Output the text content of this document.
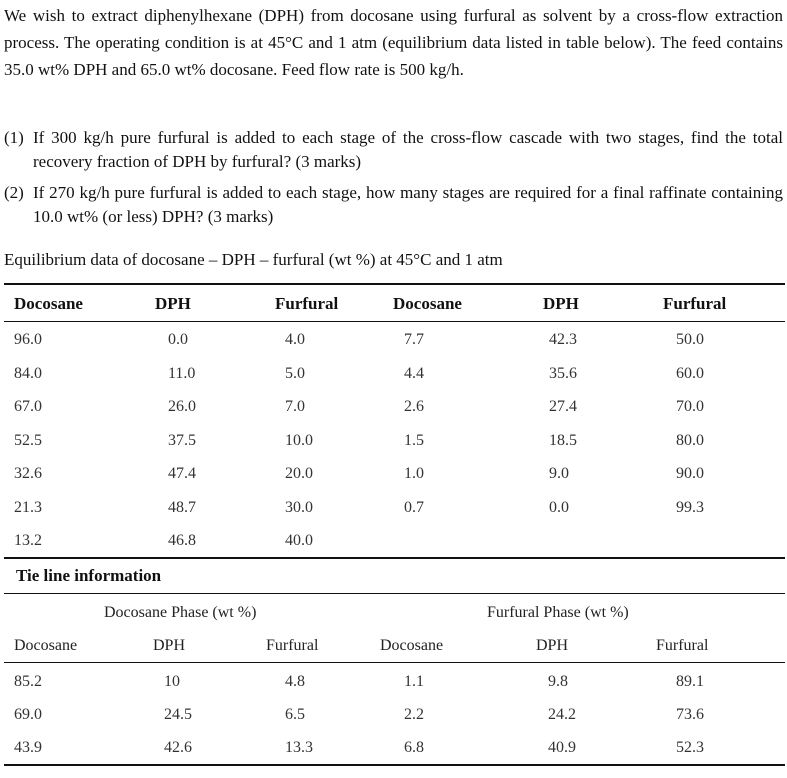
We wish to extract diphenylhexane (DPH) from docosane using furfural as solvent by a cross-flow extraction process. The operating condition is at 45°C and 1 atm (equilibrium data listed in table below). The feed contains 35.0 wt% DPH and 65.0 wt% docosane. Feed flow rate is 500 kg/h.

(1) If 300 kg/h pure furfural is added to each stage of the cross-flow cascade with two stages, find the total recovery fraction of DPH by furfural? (3 marks)
(2) If 270 kg/h pure furfural is added to each stage, how many stages are required for a final raffinate containing 10.0 wt% (or less) DPH? (3 marks)
Equilibrium data of docosane – DPH – furfural (wt %) at 45°C and 1 atm
Docosane	DPH	Furfural	Docosane	DPH	Furfural
96.0	0.0	4.0	7.7	42.3	50.0
84.0	11.0	5.0	4.4	35.6	60.0
67.0	26.0	7.0	2.6	27.4	70.0
52.5	37.5	10.0	1.5	18.5	80.0
32.6	47.4	20.0	1.0	9.0	90.0
21.3	48.7	30.0	0.7	0.0	99.3
13.2	46.8	40.0
Tie line information
Docosane Phase (wt %)	Furfural Phase (wt %)
Docosane	DPH	Furfural	Docosane	DPH	Furfural
85.2	10	4.8	1.1	9.8	89.1
69.0	24.5	6.5	2.2	24.2	73.6
43.9	42.6	13.3	6.8	40.9	52.3
